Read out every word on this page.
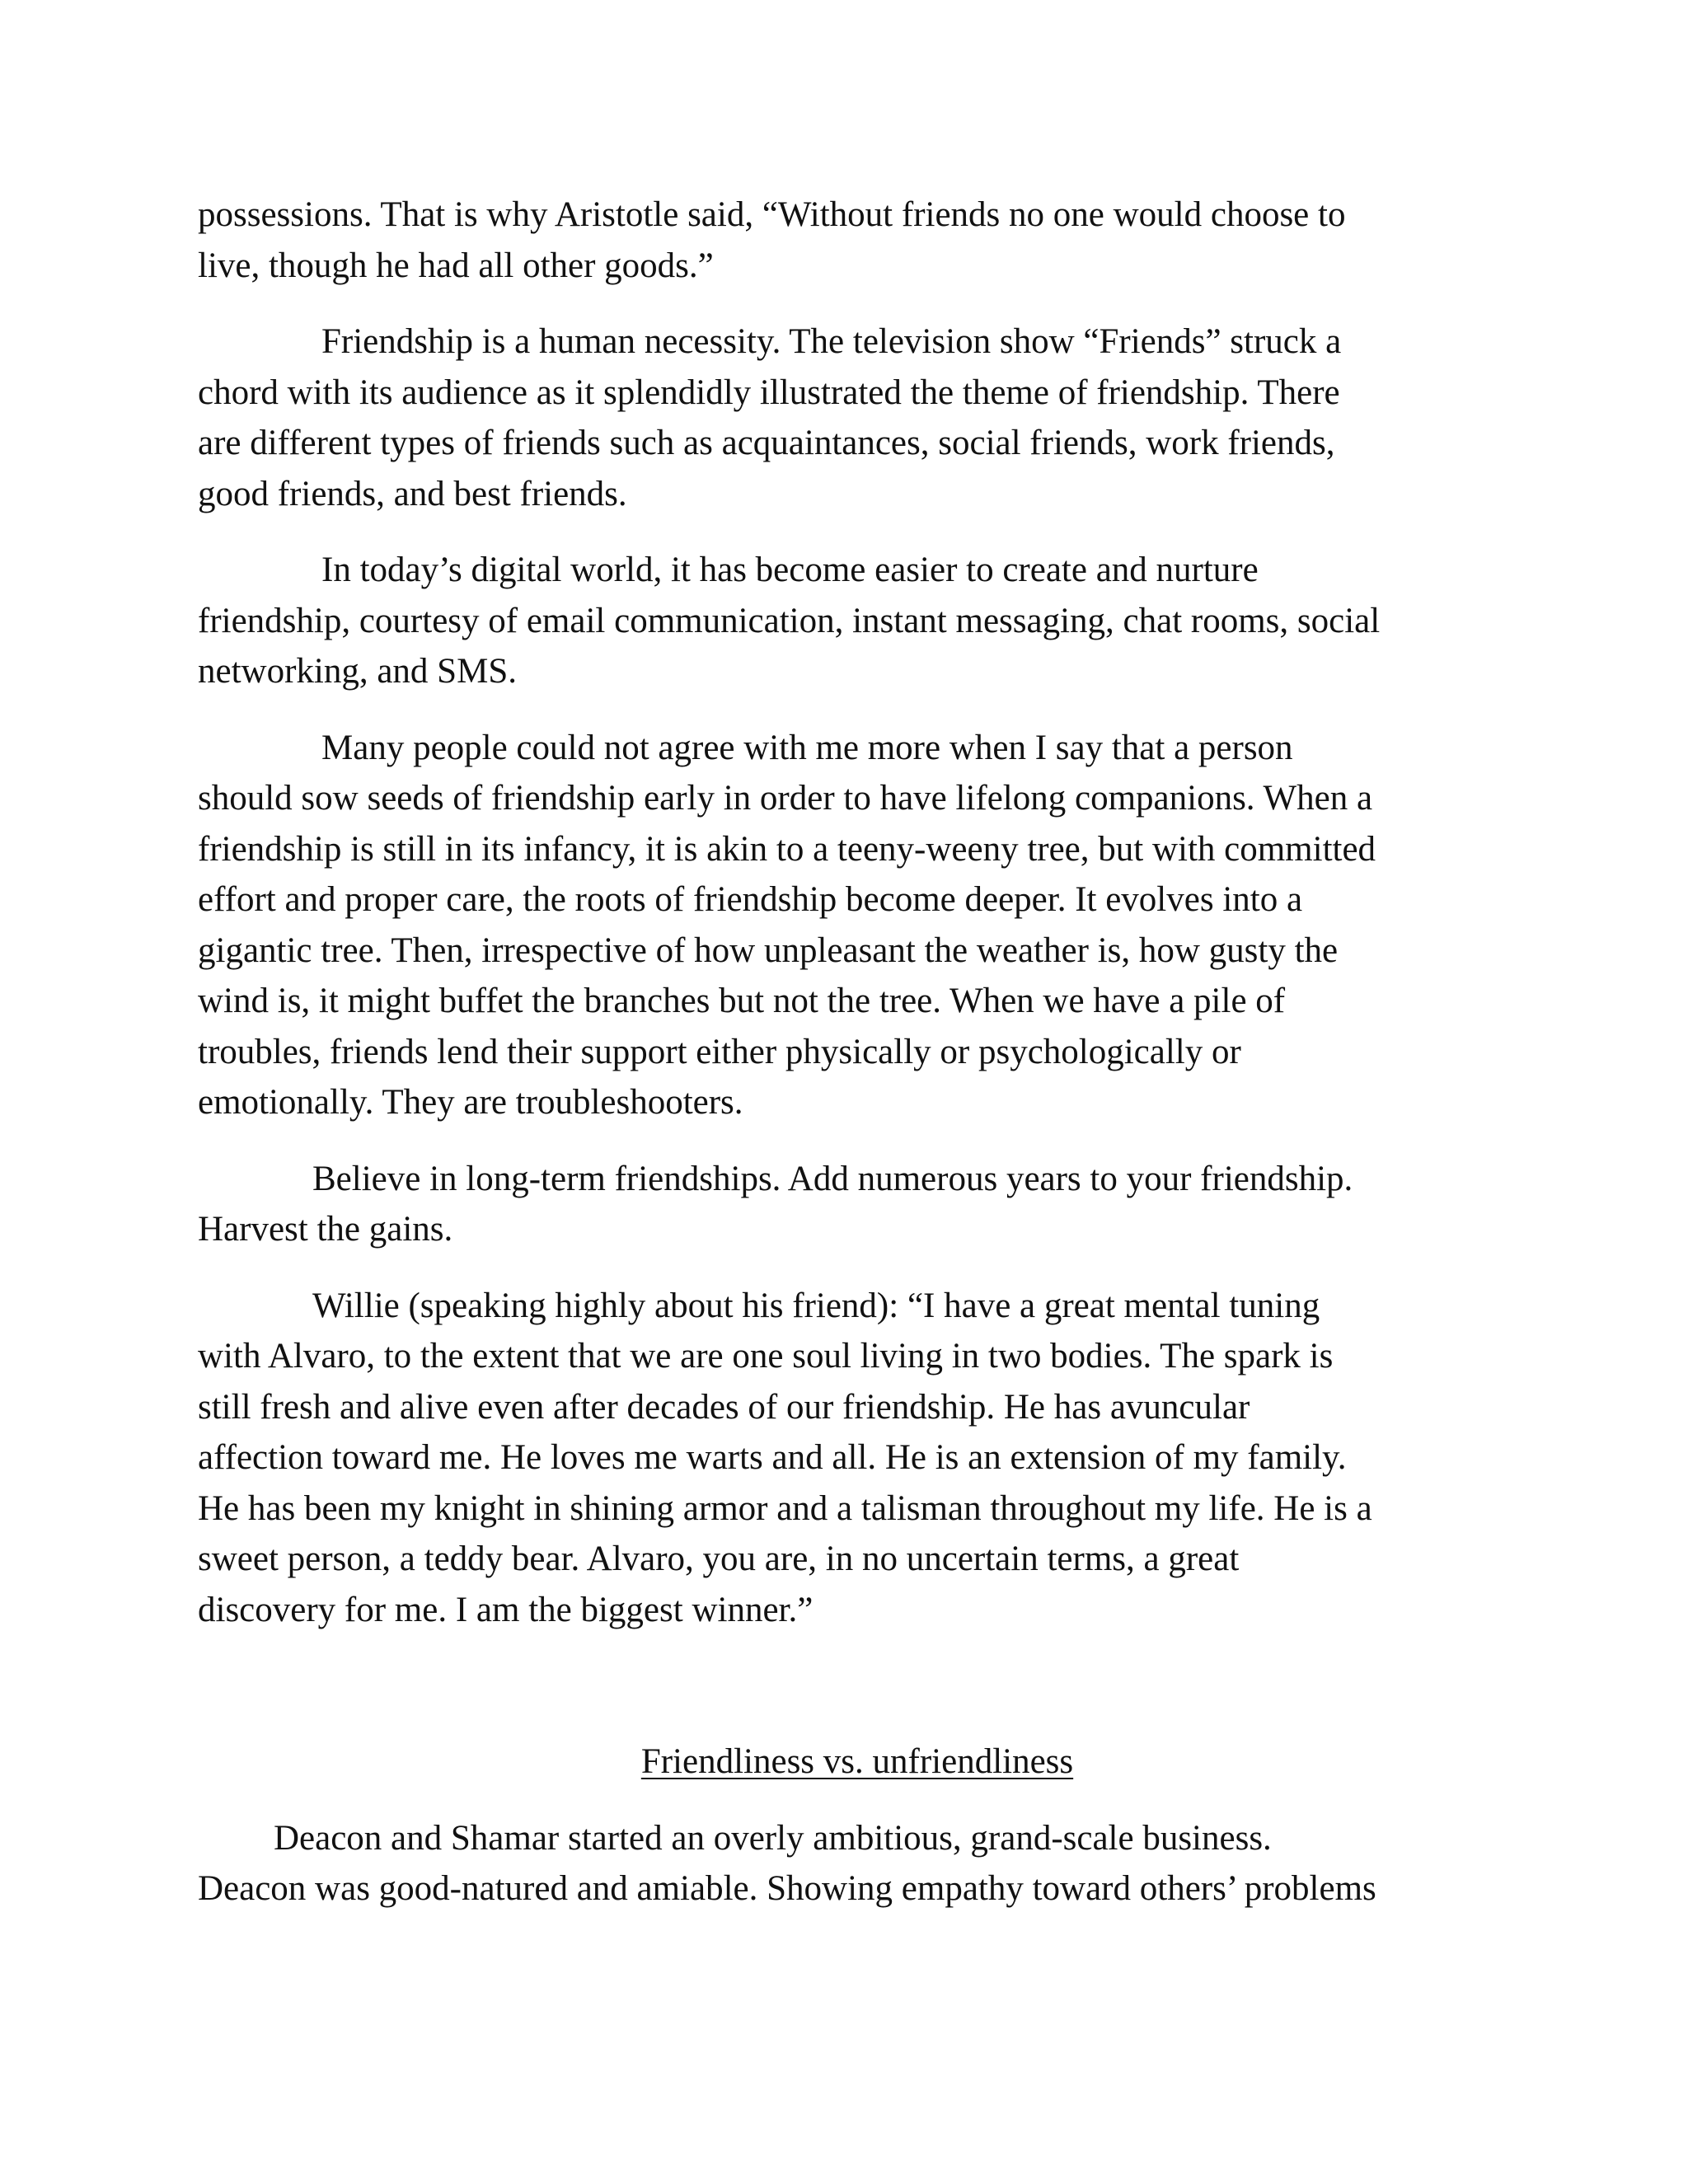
possessions. That is why Aristotle said, “Without friends no one would choose to
live, though he had all other goods.”

Friendship is a human necessity. The television show “Friends” struck a
chord with its audience as it splendidly illustrated the theme of friendship. There
are different types of friends such as acquaintances, social friends, work friends,
good friends, and best friends.

In today’s digital world, it has become easier to create and nurture
friendship, courtesy of email communication, instant messaging, chat rooms, social
networking, and SMS.

Many people could not agree with me more when I say that a person
should sow seeds of friendship early in order to have lifelong companions. When a
friendship is still in its infancy, it is akin to a teeny-weeny tree, but with committed
effort and proper care, the roots of friendship become deeper. It evolves into a
gigantic tree. Then, irrespective of how unpleasant the weather is, how gusty the
wind is, it might buffet the branches but not the tree. When we have a pile of
troubles, friends lend their support either physically or psychologically or
emotionally. They are troubleshooters.

Believe in long-term friendships. Add numerous years to your friendship.
Harvest the gains.

Willie (speaking highly about his friend): “I have a great mental tuning
with Alvaro, to the extent that we are one soul living in two bodies. The spark is
still fresh and alive even after decades of our friendship. He has avuncular
affection toward me. He loves me warts and all. He is an extension of my family.
He has been my knight in shining armor and a talisman throughout my life. He is a
sweet person, a teddy bear. Alvaro, you are, in no uncertain terms, a great
discovery for me. I am the biggest winner.”

Friendliness vs. unfriendliness

Deacon and Shamar started an overly ambitious, grand-scale business.
Deacon was good-natured and amiable. Showing empathy toward others’ problems
